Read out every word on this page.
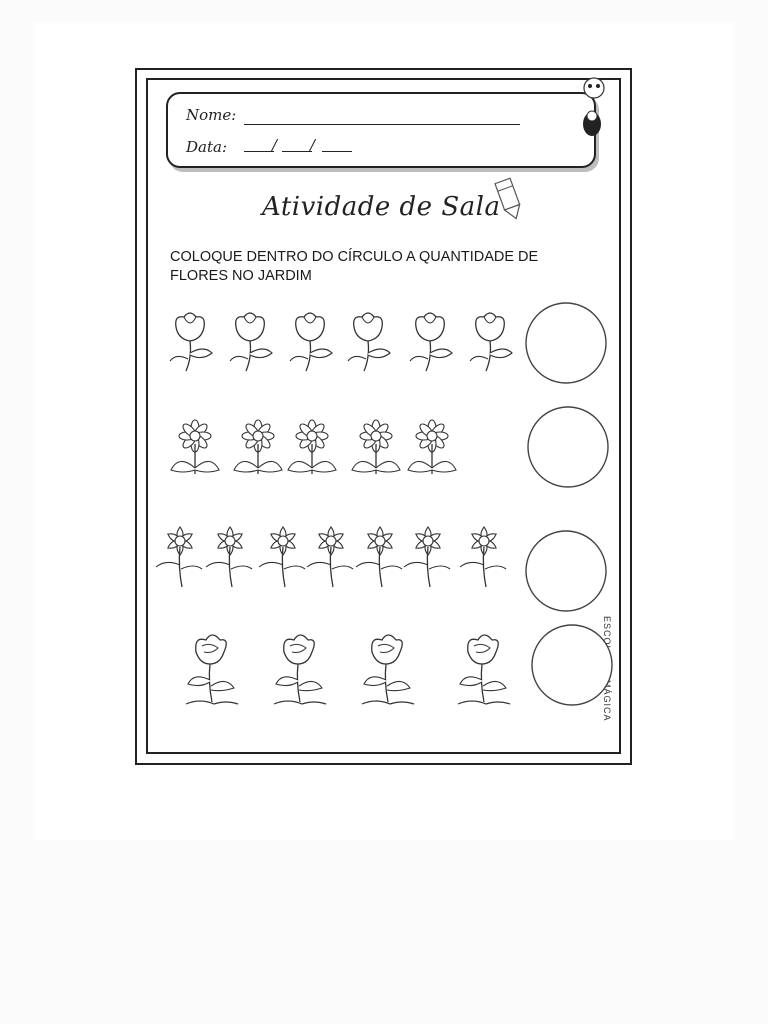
Nome:
Data:	/ /
Atividade de Sala
COLOQUE DENTRO DO CÍRCULO A QUANTIDADE DE FLORES NO JARDIM
